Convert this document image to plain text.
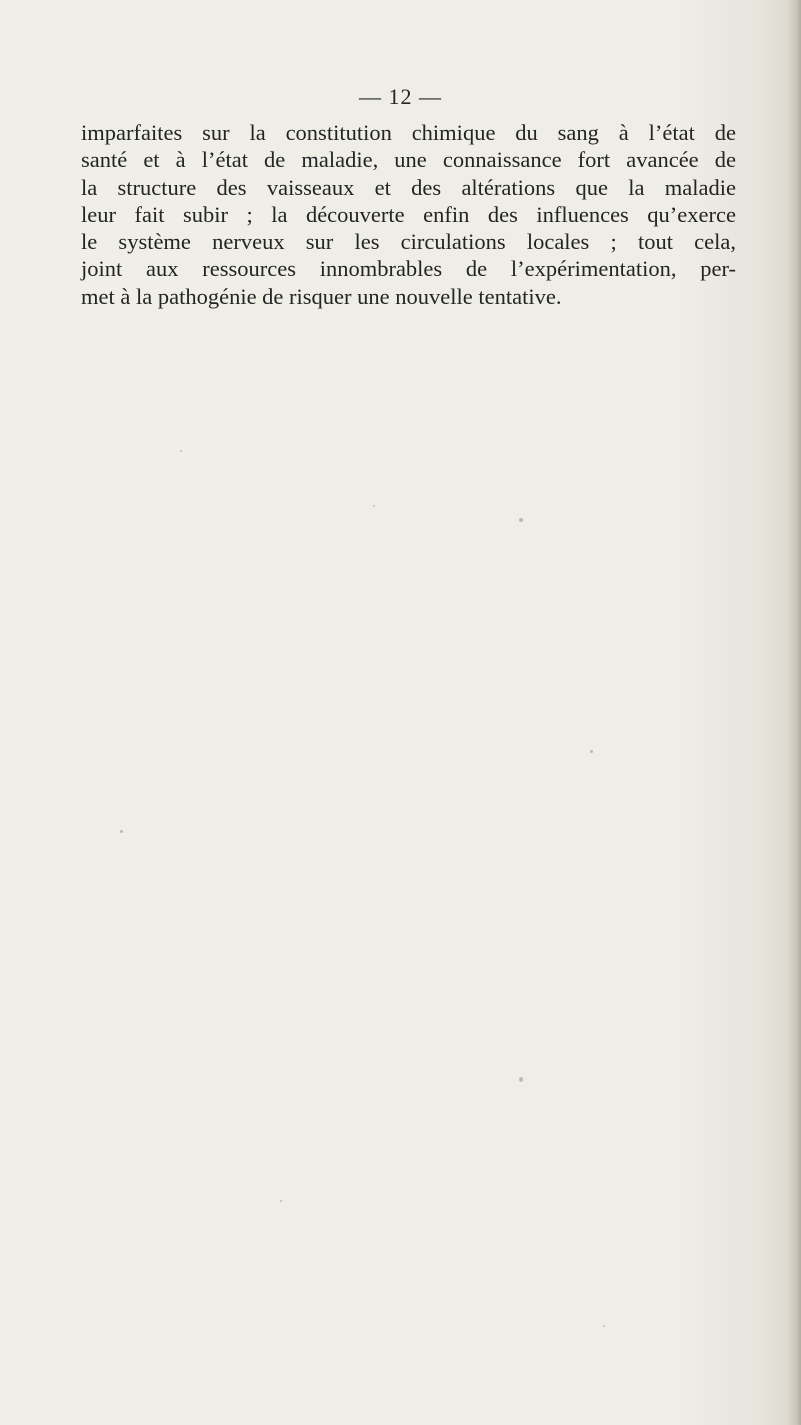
— 12 —
imparfaites sur la constitution chimique du sang à l’état de
santé et à l’état de maladie, une connaissance fort avancée de
la structure des vaisseaux et des altérations que la maladie
leur fait subir ; la découverte enfin des influences qu’exerce
le système nerveux sur les circulations locales ; tout cela,
joint aux ressources innombrables de l’expérimentation, per-
met à la pathogénie de risquer une nouvelle tentative.
